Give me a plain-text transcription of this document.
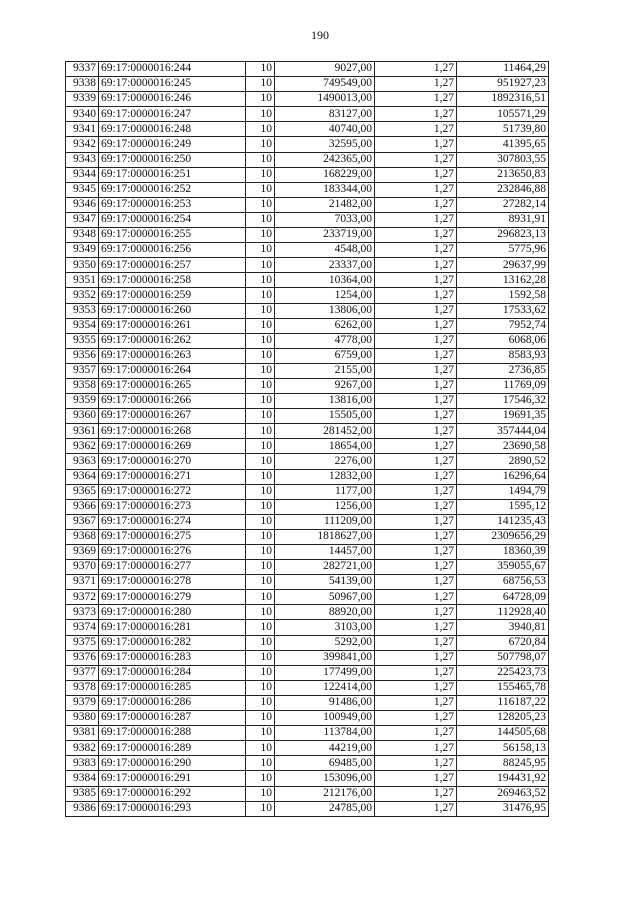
190
9337	69:17:0000016:244	10	9027,00	1,27	11464,29
9338	69:17:0000016:245	10	749549,00	1,27	951927,23
9339	69:17:0000016:246	10	1490013,00	1,27	1892316,51
9340	69:17:0000016:247	10	83127,00	1,27	105571,29
9341	69:17:0000016:248	10	40740,00	1,27	51739,80
9342	69:17:0000016:249	10	32595,00	1,27	41395,65
9343	69:17:0000016:250	10	242365,00	1,27	307803,55
9344	69:17:0000016:251	10	168229,00	1,27	213650,83
9345	69:17:0000016:252	10	183344,00	1,27	232846,88
9346	69:17:0000016:253	10	21482,00	1,27	27282,14
9347	69:17:0000016:254	10	7033,00	1,27	8931,91
9348	69:17:0000016:255	10	233719,00	1,27	296823,13
9349	69:17:0000016:256	10	4548,00	1,27	5775,96
9350	69:17:0000016:257	10	23337,00	1,27	29637,99
9351	69:17:0000016:258	10	10364,00	1,27	13162,28
9352	69:17:0000016:259	10	1254,00	1,27	1592,58
9353	69:17:0000016:260	10	13806,00	1,27	17533,62
9354	69:17:0000016:261	10	6262,00	1,27	7952,74
9355	69:17:0000016:262	10	4778,00	1,27	6068,06
9356	69:17:0000016:263	10	6759,00	1,27	8583,93
9357	69:17:0000016:264	10	2155,00	1,27	2736,85
9358	69:17:0000016:265	10	9267,00	1,27	11769,09
9359	69:17:0000016:266	10	13816,00	1,27	17546,32
9360	69:17:0000016:267	10	15505,00	1,27	19691,35
9361	69:17:0000016:268	10	281452,00	1,27	357444,04
9362	69:17:0000016:269	10	18654,00	1,27	23690,58
9363	69:17:0000016:270	10	2276,00	1,27	2890,52
9364	69:17:0000016:271	10	12832,00	1,27	16296,64
9365	69:17:0000016:272	10	1177,00	1,27	1494,79
9366	69:17:0000016:273	10	1256,00	1,27	1595,12
9367	69:17:0000016:274	10	111209,00	1,27	141235,43
9368	69:17:0000016:275	10	1818627,00	1,27	2309656,29
9369	69:17:0000016:276	10	14457,00	1,27	18360,39
9370	69:17:0000016:277	10	282721,00	1,27	359055,67
9371	69:17:0000016:278	10	54139,00	1,27	68756,53
9372	69:17:0000016:279	10	50967,00	1,27	64728,09
9373	69:17:0000016:280	10	88920,00	1,27	112928,40
9374	69:17:0000016:281	10	3103,00	1,27	3940,81
9375	69:17:0000016:282	10	5292,00	1,27	6720,84
9376	69:17:0000016:283	10	399841,00	1,27	507798,07
9377	69:17:0000016:284	10	177499,00	1,27	225423,73
9378	69:17:0000016:285	10	122414,00	1,27	155465,78
9379	69:17:0000016:286	10	91486,00	1,27	116187,22
9380	69:17:0000016:287	10	100949,00	1,27	128205,23
9381	69:17:0000016:288	10	113784,00	1,27	144505,68
9382	69:17:0000016:289	10	44219,00	1,27	56158,13
9383	69:17:0000016:290	10	69485,00	1,27	88245,95
9384	69:17:0000016:291	10	153096,00	1,27	194431,92
9385	69:17:0000016:292	10	212176,00	1,27	269463,52
9386	69:17:0000016:293	10	24785,00	1,27	31476,95
